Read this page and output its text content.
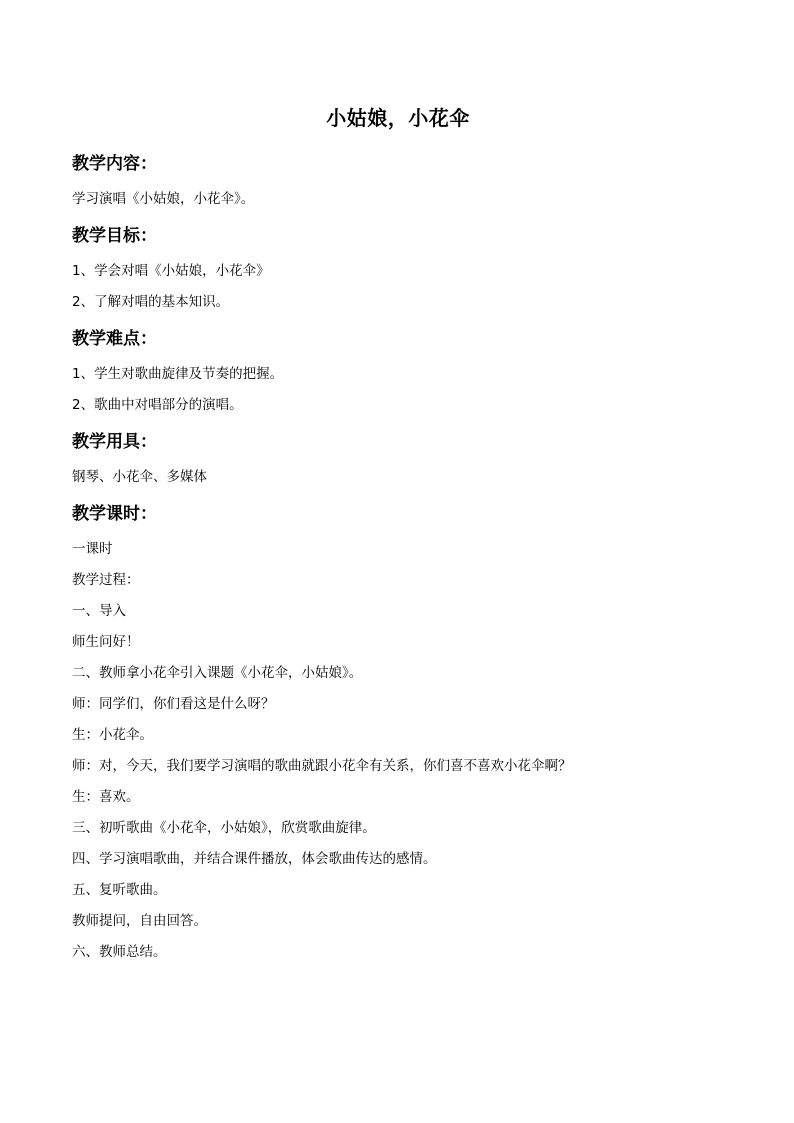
小姑娘，小花伞
教学内容：

学习演唱《小姑娘，小花伞》。

教学目标：

1、学会对唱《小姑娘，小花伞》

2、了解对唱的基本知识。

教学难点：

1、学生对歌曲旋律及节奏的把握。

2、歌曲中对唱部分的演唱。

教学用具：

钢琴、小花伞、多媒体

教学课时：

一课时

教学过程：

一、导入

师生问好！

二、教师拿小花伞引入课题《小花伞，小姑娘》。

师：同学们，你们看这是什么呀？

生：小花伞。

师：对，今天，我们要学习演唱的歌曲就跟小花伞有关系，你们喜不喜欢小花伞啊？

生：喜欢。

三、初听歌曲《小花伞，小姑娘》，欣赏歌曲旋律。

四、学习演唱歌曲，并结合课件播放，体会歌曲传达的感情。

五、复听歌曲。

教师提问，自由回答。

六、教师总结。
